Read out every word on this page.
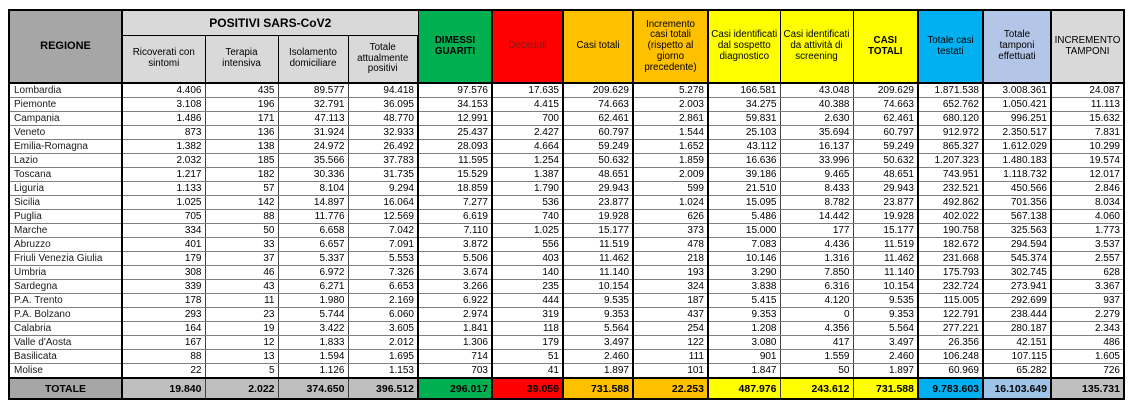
REGIONE	POSITIVI SARS-CoV2				DIMESSI GUARITI	Deceduti	Casi totali	Incremento casi totali (rispetto al giorno precedente)	Casi identificati dal sospetto diagnostico	Casi identificati da attività di screening	CASI TOTALI	Totale casi testati	Totale tamponi effettuati	INCREMENTO TAMPONI
	Ricoverati con sintomi	Terapia intensiva	Isolamento domiciliare	Totale attualmente positivi										
Lombardia	4.406	435	89.577	94.418	97.576	17.635	209.629	5.278	166.581	43.048	209.629	1.871.538	3.008.361	24.087
Piemonte	3.108	196	32.791	36.095	34.153	4.415	74.663	2.003	34.275	40.388	74.663	652.762	1.050.421	11.113
Campania	1.486	171	47.113	48.770	12.991	700	62.461	2.861	59.831	2.630	62.461	680.120	996.251	15.632
Veneto	873	136	31.924	32.933	25.437	2.427	60.797	1.544	25.103	35.694	60.797	912.972	2.350.517	7.831
Emilia-Romagna	1.382	138	24.972	26.492	28.093	4.664	59.249	1.652	43.112	16.137	59.249	865.327	1.612.029	10.299
Lazio	2.032	185	35.566	37.783	11.595	1.254	50.632	1.859	16.636	33.996	50.632	1.207.323	1.480.183	19.574
Toscana	1.217	182	30.336	31.735	15.529	1.387	48.651	2.009	39.186	9.465	48.651	743.951	1.118.732	12.017
Liguria	1.133	57	8.104	9.294	18.859	1.790	29.943	599	21.510	8.433	29.943	232.521	450.566	2.846
Sicilia	1.025	142	14.897	16.064	7.277	536	23.877	1.024	15.095	8.782	23.877	492.862	701.356	8.034
Puglia	705	88	11.776	12.569	6.619	740	19.928	626	5.486	14.442	19.928	402.022	567.138	4.060
Marche	334	50	6.658	7.042	7.110	1.025	15.177	373	15.000	177	15.177	190.758	325.563	1.773
Abruzzo	401	33	6.657	7.091	3.872	556	11.519	478	7.083	4.436	11.519	182.672	294.594	3.537
Friuli Venezia Giulia	179	37	5.337	5.553	5.506	403	11.462	218	10.146	1.316	11.462	231.668	545.374	2.557
Umbria	308	46	6.972	7.326	3.674	140	11.140	193	3.290	7.850	11.140	175.793	302.745	628
Sardegna	339	43	6.271	6.653	3.266	235	10.154	324	3.838	6.316	10.154	232.724	273.941	3.367
P.A. Trento	178	11	1.980	2.169	6.922	444	9.535	187	5.415	4.120	9.535	115.005	292.699	937
P.A. Bolzano	293	23	5.744	6.060	2.974	319	9.353	437	9.353	0	9.353	122.791	238.444	2.279
Calabria	164	19	3.422	3.605	1.841	118	5.564	254	1.208	4.356	5.564	277.221	280.187	2.343
Valle d'Aosta	167	12	1.833	2.012	1.306	179	3.497	122	3.080	417	3.497	26.356	42.151	486
Basilicata	88	13	1.594	1.695	714	51	2.460	111	901	1.559	2.460	106.248	107.115	1.605
Molise	22	5	1.126	1.153	703	41	1.897	101	1.847	50	1.897	60.969	65.282	726
TOTALE	19.840	2.022	374.650	396.512	296.017	39.059	731.588	22.253	487.976	243.612	731.588	9.783.603	16.103.649	135.731
